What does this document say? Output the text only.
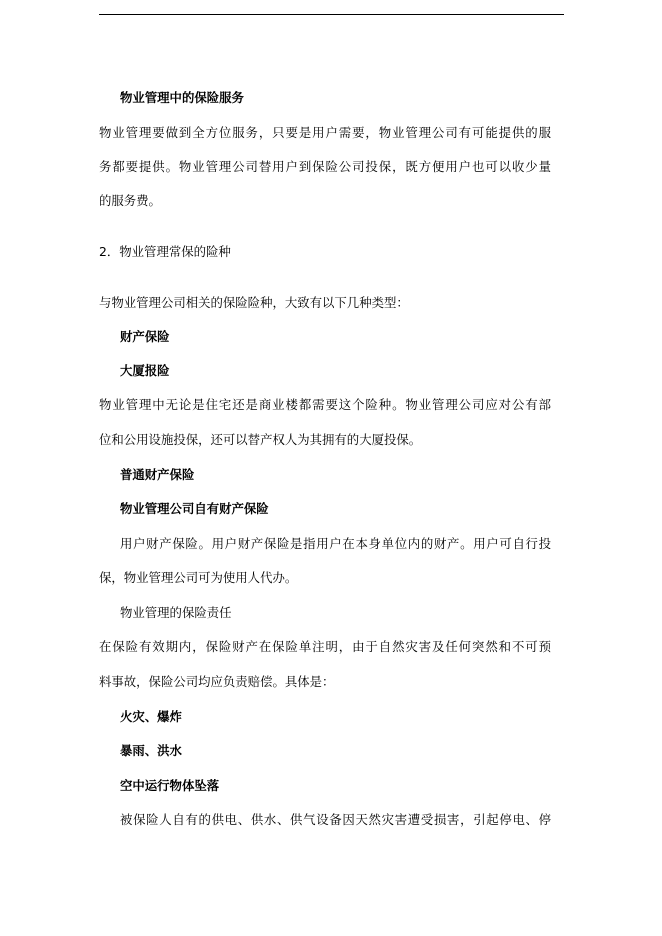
物业管理中的保险服务
物业管理要做到全方位服务，只要是用户需要，物业管理公司有可能提供的服
务都要提供。物业管理公司替用户到保险公司投保，既方便用户也可以收少量
的服务费。
2．物业管理常保的险种
与物业管理公司相关的保险险种，大致有以下几种类型：
财产保险
大厦报险
物业管理中无论是住宅还是商业楼都需要这个险种。物业管理公司应对公有部
位和公用设施投保，还可以替产权人为其拥有的大厦投保。
普通财产保险
物业管理公司自有财产保险
用户财产保险。用户财产保险是指用户在本身单位内的财产。用户可自行投
保，物业管理公司可为使用人代办。
物业管理的保险责任
在保险有效期内，保险财产在保险单注明，由于自然灾害及任何突然和不可预
料事故，保险公司均应负责赔偿。具体是：
火灾、爆炸
暴雨、洪水
空中运行物体坠落
被保险人自有的供电、供水、供气设备因天然灾害遭受损害，引起停电、停
